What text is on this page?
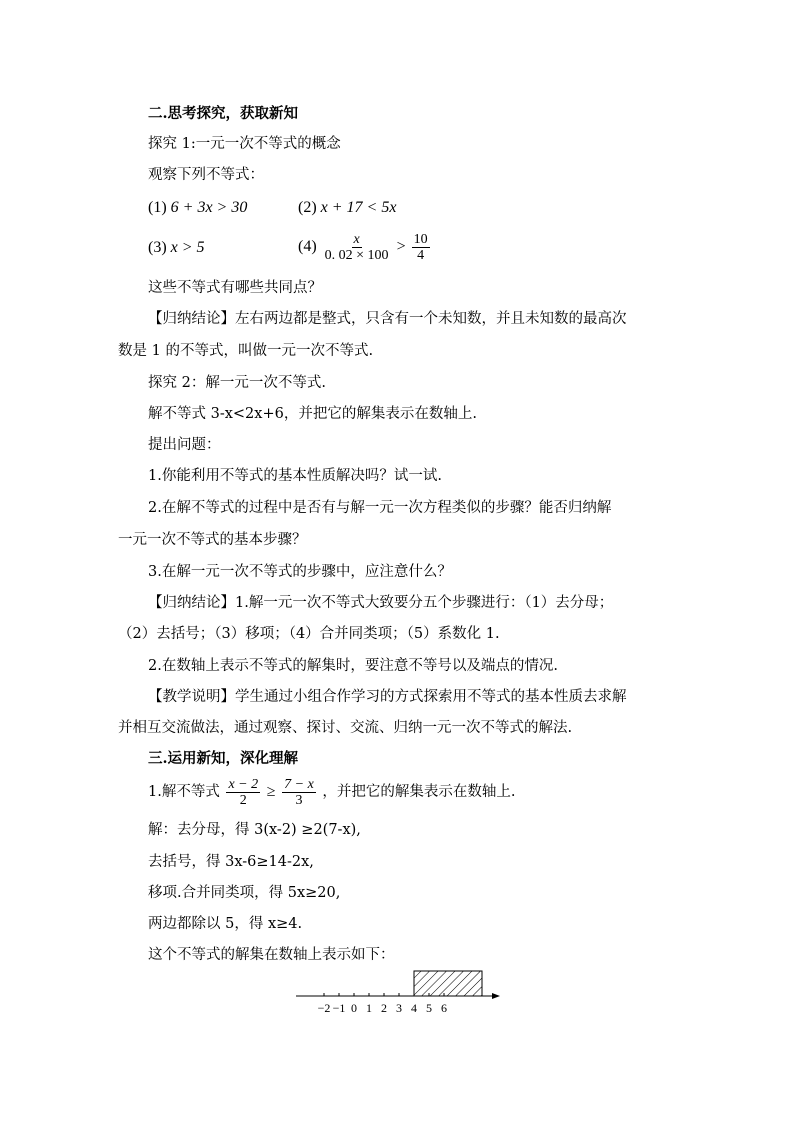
二.思考探究，获取新知
探究 1:一元一次不等式的概念
观察下列不等式：
(1) 6 + 3x > 30	(2) x + 17 < 5x
(3) x > 5	$(4) \frac{x}{0. 02 \times 100} > \frac{10}{4}$
这些不等式有哪些共同点？
【归纳结论】左右两边都是整式，只含有一个未知数，并且未知数的最高次
数是 1 的不等式，叫做一元一次不等式.
探究 2：解一元一次不等式.
解不等式 3-x<2x+6，并把它的解集表示在数轴上.
提出问题：
1.你能利用不等式的基本性质解决吗？试一试.
2.在解不等式的过程中是否有与解一元一次方程类似的步骤？能否归纳解
一元一次不等式的基本步骤？
3.在解一元一次不等式的步骤中，应注意什么？
【归纳结论】1.解一元一次不等式大致要分五个步骤进行：（1）去分母；
（2）去括号；（3）移项；（4）合并同类项；（5）系数化 1.
2.在数轴上表示不等式的解集时，要注意不等号以及端点的情况.
【教学说明】学生通过小组合作学习的方式探索用不等式的基本性质去求解
并相互交流做法，通过观察、探讨、交流、归纳一元一次不等式的解法.
三.运用新知，深化理解
1.解不等式 $\frac{x - 2}{2} \ge \frac{7 - x}{3}$ ，并把它的解集表示在数轴上.
解：去分母，得 3(x-2) ≥2(7-x),
去括号，得 3x-6≥14-2x,
移项.合并同类项，得 5x≥20,
两边都除以 5，得 x≥4.
这个不等式的解集在数轴上表示如下：
−2 −1 0 1 2 3 4 5 6
